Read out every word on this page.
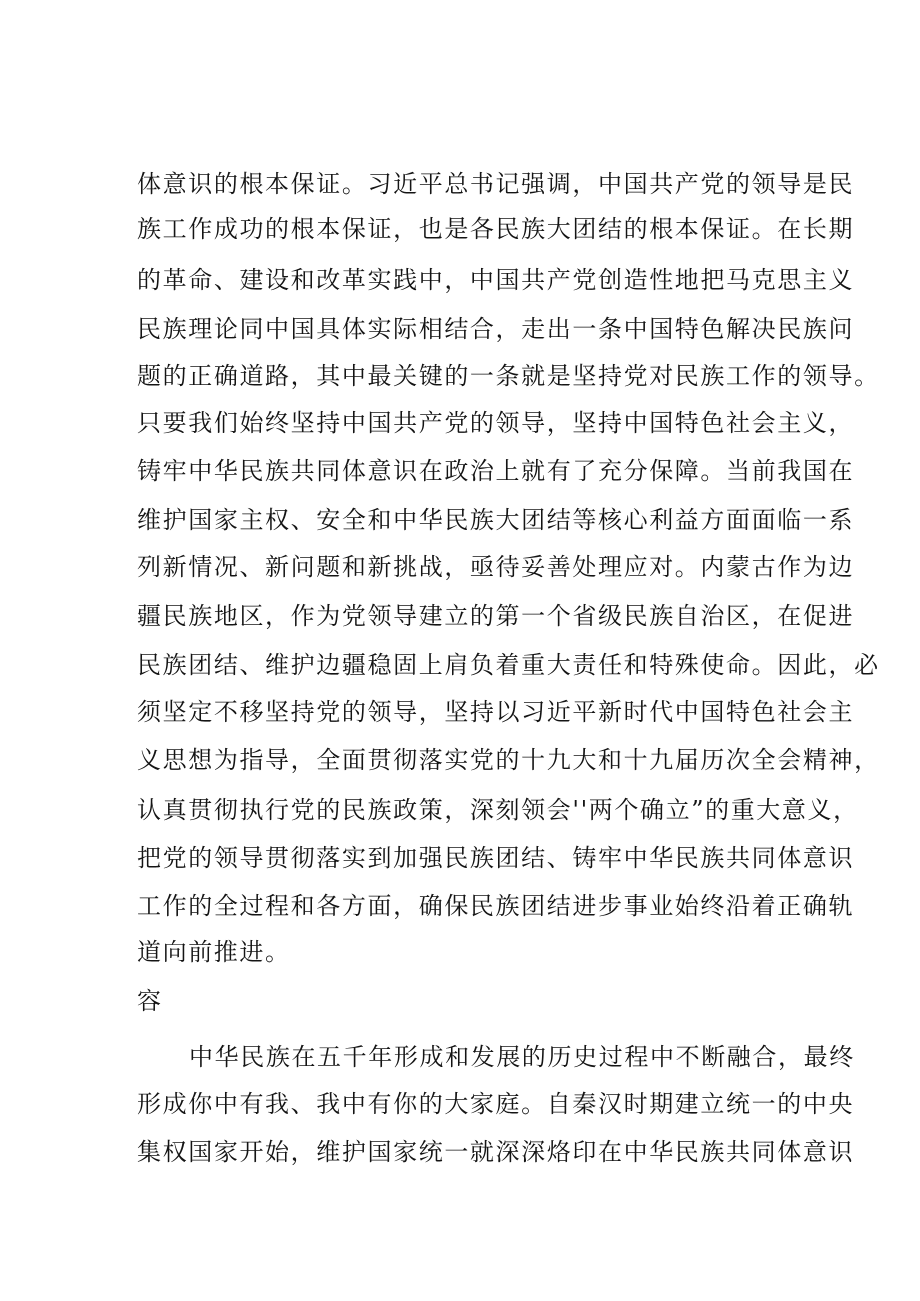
体 意 识 的 根 本 保 证 。 习 近 平 总 书 记 强 调 ， 中 国 共 产 党 的 领 导 是 民
族 工 作 成 功 的 根 本 保 证 ， 也 是 各 民 族 大 团 结 的 根 本 保 证 。 在 长 期
的 革 命 、 建 设 和 改 革 实 践 中 ， 中 国 共 产 党 创 造 性 地 把 马 克 思 主 义
民 族 理 论 同 中 国 具 体 实 际 相 结 合 ， 走 出 一 条 中 国 特 色 解 决 民 族 问
题 的 正 确 道 路 ， 其 中 最 关 键 的 一 条 就 是 坚 持 党 对 民 族 工 作 的 领 导 。
只 要 我 们 始 终 坚 持 中 国 共 产 党 的 领 导 ， 坚 持 中 国 特 色 社 会 主 义 ，
铸 牢 中 华 民 族 共 同 体 意 识 在 政 治 上 就 有 了 充 分 保 障 。 当 前 我 国 在
维 护 国 家 主 权 、 安 全 和 中 华 民 族 大 团 结 等 核 心 利 益 方 面 面 临 一 系
列 新 情 况 、 新 问 题 和 新 挑 战 ， 亟 待 妥 善 处 理 应 对 。 内 蒙 古 作 为 边
疆 民 族 地 区 ， 作 为 党 领 导 建 立 的 第 一 个 省 级 民 族 自 治 区 ， 在 促 进
民 族 团 结 、 维 护 边 疆 稳 固 上 肩 负 着 重 大 责 任 和 特 殊 使 命 。 因 此 ， 必
须 坚 定 不 移 坚 持 党 的 领 导 ， 坚 持 以 习 近 平 新 时 代 中 国 特 色 社 会 主
义 思 想 为 指 导 ， 全 面 贯 彻 落 实 党 的 十 九 大 和 十 九 届 历 次 全 会 精 神 ，
认 真 贯 彻 执 行 党 的 民 族 政 策 ， 深 刻 领 会 ' ' 两 个 确 立 ” 的 重 大 意 义 ，
把 党 的 领 导 贯 彻 落 实 到 加 强 民 族 团 结 、 铸 牢 中 华 民 族 共 同 体 意 识
工 作 的 全 过 程 和 各 方 面 ， 确 保 民 族 团 结 进 步 事 业 始 终 沿 着 正 确 轨
道向前推进。
容
中 华 民 族 在 五 千 年 形 成 和 发 展 的 历 史 过 程 中 不 断 融 合 ， 最 终
形 成 你 中 有 我 、 我 中 有 你 的 大 家 庭 。 自 秦 汉 时 期 建 立 统 一 的 中 央
集 权 国 家 开 始 ， 维 护 国 家 统 一 就 深 深 烙 印 在 中 华 民 族 共 同 体 意 识
